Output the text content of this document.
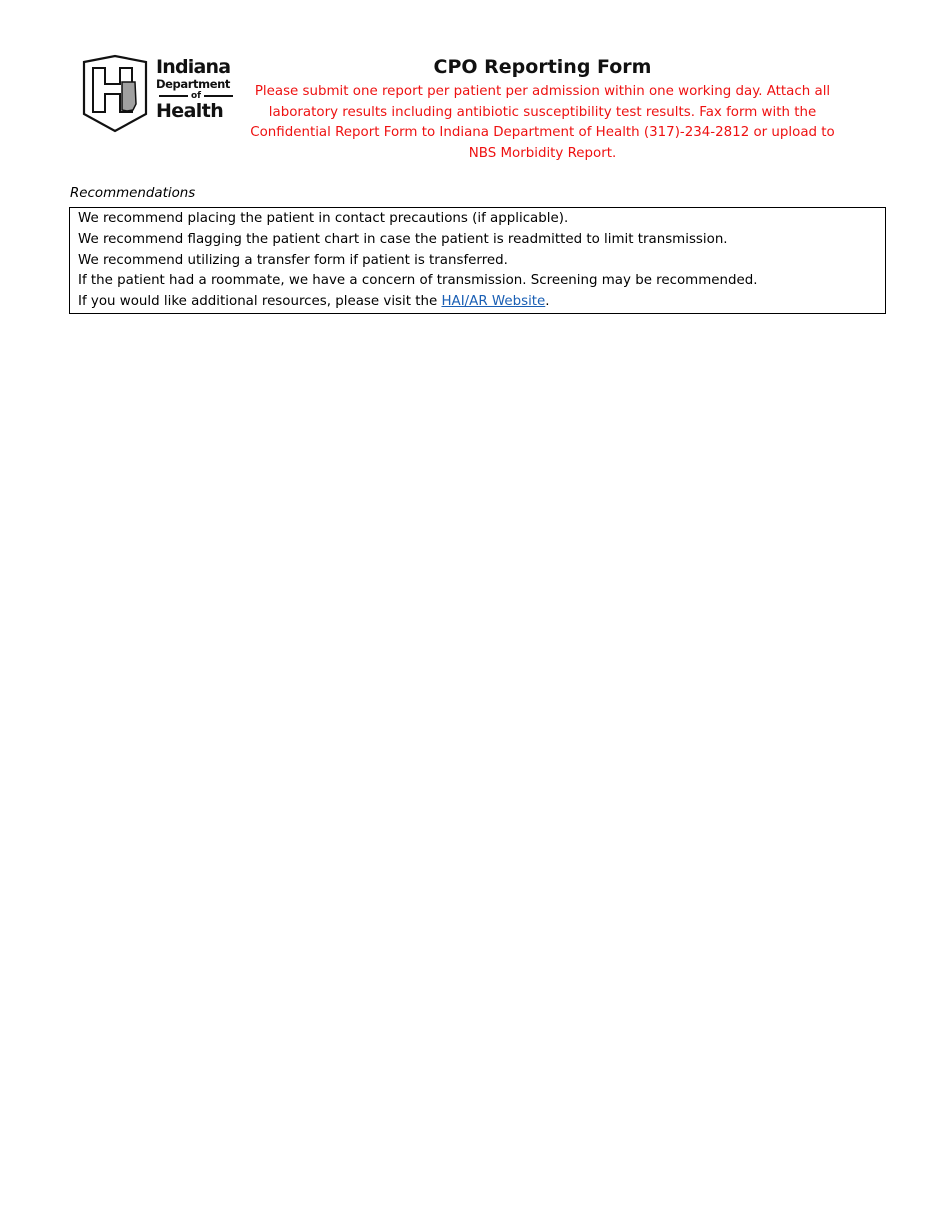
Indiana
Department
of
Health
CPO Reporting Form

Please submit one report per patient per admission within one working day. Attach all laboratory results including antibiotic susceptibility test results. Fax form with the Confidential Report Form to Indiana Department of Health (317)-234-2812 or upload to NBS Morbidity Report.

Recommendations
We recommend placing the patient in contact precautions (if applicable).
We recommend flagging the patient chart in case the patient is readmitted to limit transmission.
We recommend utilizing a transfer form if patient is transferred.
If the patient had a roommate, we have a concern of transmission. Screening may be recommended.
If you would like additional resources, please visit the HAI/AR Website.
